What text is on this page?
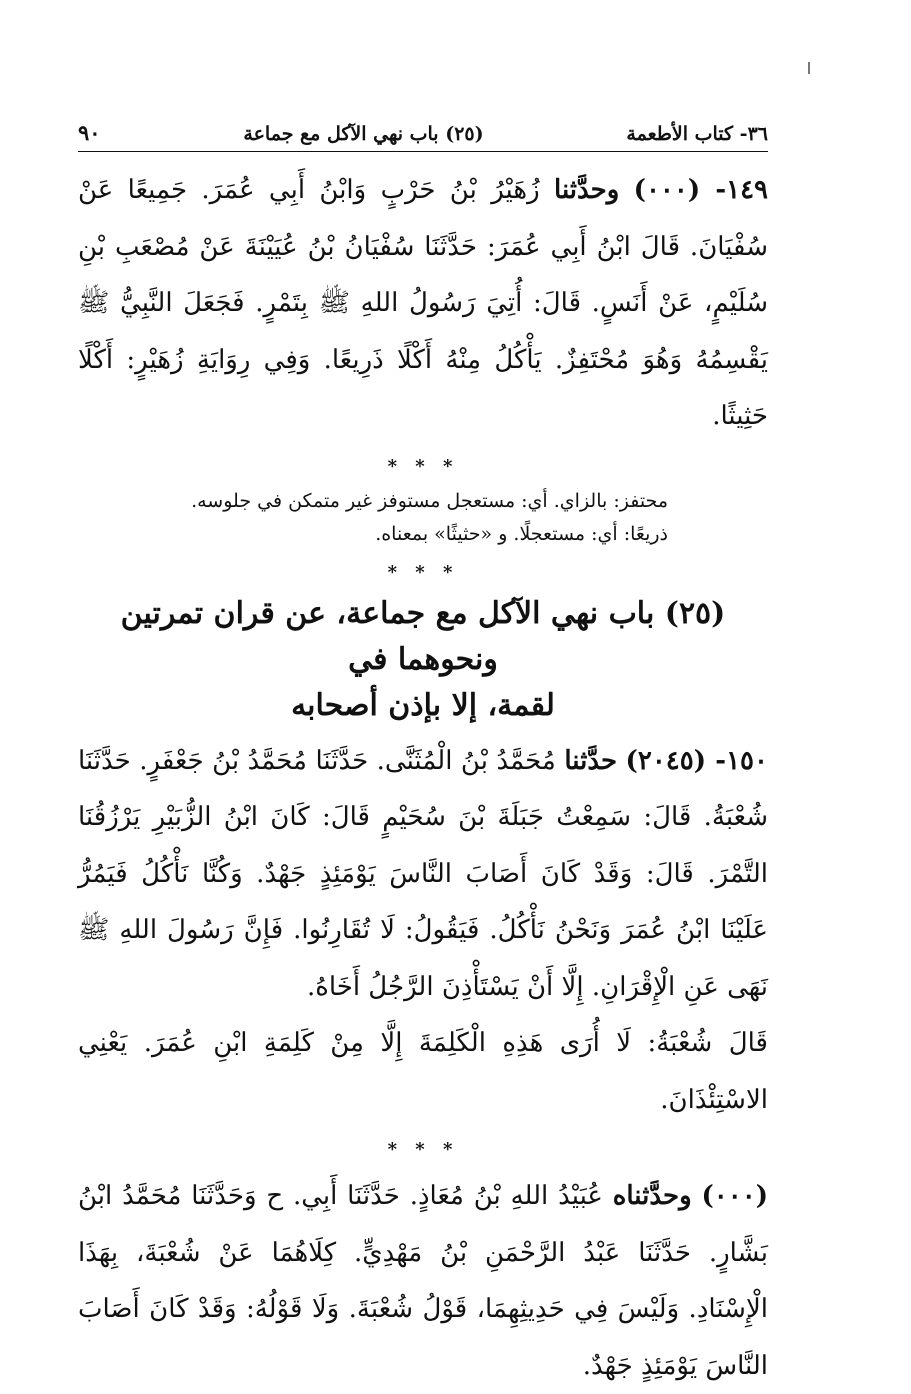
٣٦- كتاب الأطعمة
(٢٥) باب نهي الآكل مع جماعة
٩٠

١٤٩- (٠٠٠) وحدَّثنا زُهَيْرُ بْنُ حَرْبٍ وَابْنُ أَبِي عُمَرَ. جَمِيعًا عَنْ سُفْيَانَ. قَالَ ابْنُ أَبِي عُمَرَ: حَدَّثَنَا سُفْيَانُ بْنُ عُيَيْنَةَ عَنْ مُصْعَبِ بْنِ سُلَيْمٍ، عَنْ أَنَسٍ. قَالَ: أُتِيَ رَسُولُ اللهِ ﷺ بِتَمْرٍ. فَجَعَلَ النَّبِيُّ ﷺ يَقْسِمُهُ وَهُوَ مُحْتَفِزٌ. يَأْكُلُ مِنْهُ أَكْلًا ذَرِيعًا. وَفِي رِوَايَةِ زُهَيْرٍ: أَكْلًا حَثِيثًا.

* * *

محتفز: بالزاي. أي: مستعجل مستوفز غير متمكن في جلوسه.

ذريعًا: أي: مستعجلًا. و «حثيثًا» بمعناه.

* * *
(٢٥) باب نهي الآكل مع جماعة، عن قران تمرتين ونحوهما في
لقمة، إلا بإذن أصحابه

١٥٠- (٢٠٤٥) حدَّثنا مُحَمَّدُ بْنُ الْمُثَنَّى. حَدَّثَنَا مُحَمَّدُ بْنُ جَعْفَرٍ. حَدَّثَنَا شُعْبَةُ. قَالَ: سَمِعْتُ جَبَلَةَ بْنَ سُحَيْمٍ قَالَ: كَانَ ابْنُ الزُّبَيْرِ يَرْزُقُنَا التَّمْرَ. قَالَ: وَقَدْ كَانَ أَصَابَ النَّاسَ يَوْمَئِذٍ جَهْدٌ. وَكُنَّا نَأْكُلُ فَيَمُرُّ عَلَيْنَا ابْنُ عُمَرَ وَنَحْنُ نَأْكُلُ. فَيَقُولُ: لَا تُقَارِنُوا. فَإِنَّ رَسُولَ اللهِ ﷺ نَهَى عَنِ الْإِقْرَانِ. إِلَّا أَنْ يَسْتَأْذِنَ الرَّجُلُ أَخَاهُ.

قَالَ شُعْبَةُ: لَا أُرَى هَذِهِ الْكَلِمَةَ إِلَّا مِنْ كَلِمَةِ ابْنِ عُمَرَ. يَعْنِي الاسْتِئْذَانَ.

* * *

(٠٠٠) وحدَّثناه عُبَيْدُ اللهِ بْنُ مُعَاذٍ. حَدَّثَنَا أَبِي. ح وَحَدَّثَنَا مُحَمَّدُ ابْنُ بَشَّارٍ. حَدَّثَنَا عَبْدُ الرَّحْمَنِ بْنُ مَهْدِيٍّ. كِلَاهُمَا عَنْ شُعْبَةَ، بِهَذَا الْإِسْنَادِ. وَلَيْسَ فِي حَدِيثِهِمَا، قَوْلُ شُعْبَةَ. وَلَا قَوْلُهُ: وَقَدْ كَانَ أَصَابَ النَّاسَ يَوْمَئِذٍ جَهْدٌ.
